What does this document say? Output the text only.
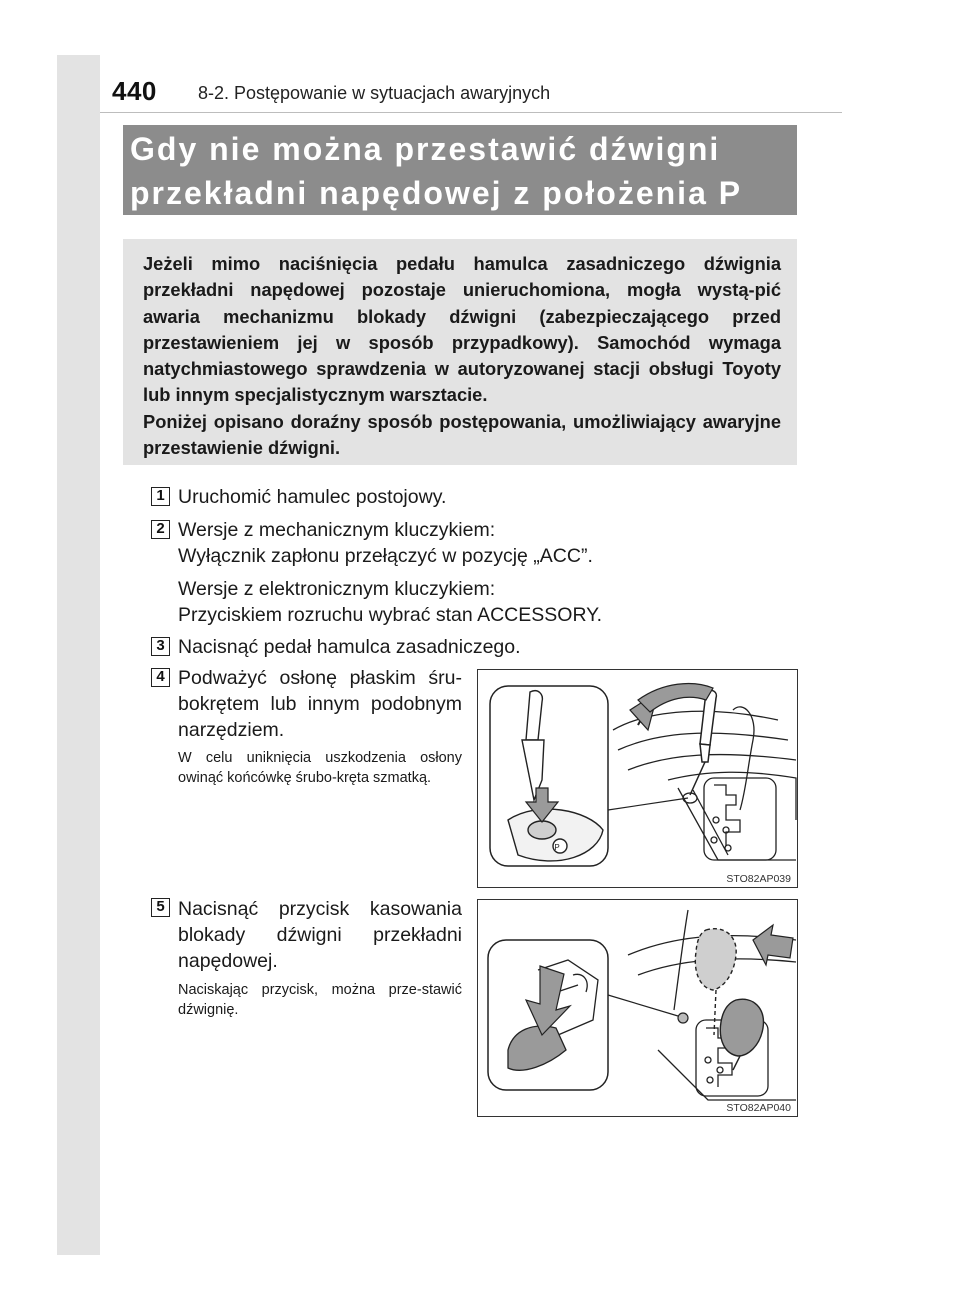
440 8-2. Postępowanie w sytuacjach awaryjnych
Gdy nie można przestawić dźwigni
przekładni napędowej z położenia P

Jeżeli mimo naciśnięcia pedału hamulca zasadniczego dźwignia przekładni napędowej pozostaje unieruchomiona, mogła wystą-pić awaria mechanizmu blokady dźwigni (zabezpieczającego przed przestawieniem jej w sposób przypadkowy). Samochód wymaga natychmiastowego sprawdzenia w autoryzowanej stacji obsługi Toyoty lub innym specjalistycznym warsztacie.

Poniżej opisano doraźny sposób postępowania, umożliwiający awaryjne przestawienie dźwigni.

1 Uruchomić hamulec postojowy.
2 Wersje z mechanicznym kluczykiem:
Wyłącznik zapłonu przełączyć w pozycję „ACC”.
Wersje z elektronicznym kluczykiem:
Przyciskiem rozruchu wybrać stan ACCESSORY.
3 Nacisnąć pedał hamulca zasadniczego.
4 Podważyć osłonę płaskim śru-bokrętem lub innym podobnym narzędziem.
W celu uniknięcia uszkodzenia osłony owinąć końcówkę śrubo-kręta szmatką.
P
STO82AP039
5 Nacisnąć przycisk kasowania blokady dźwigni przekładni napędowej.
Naciskając przycisk, można prze-stawić dźwignię.
STO82AP040
